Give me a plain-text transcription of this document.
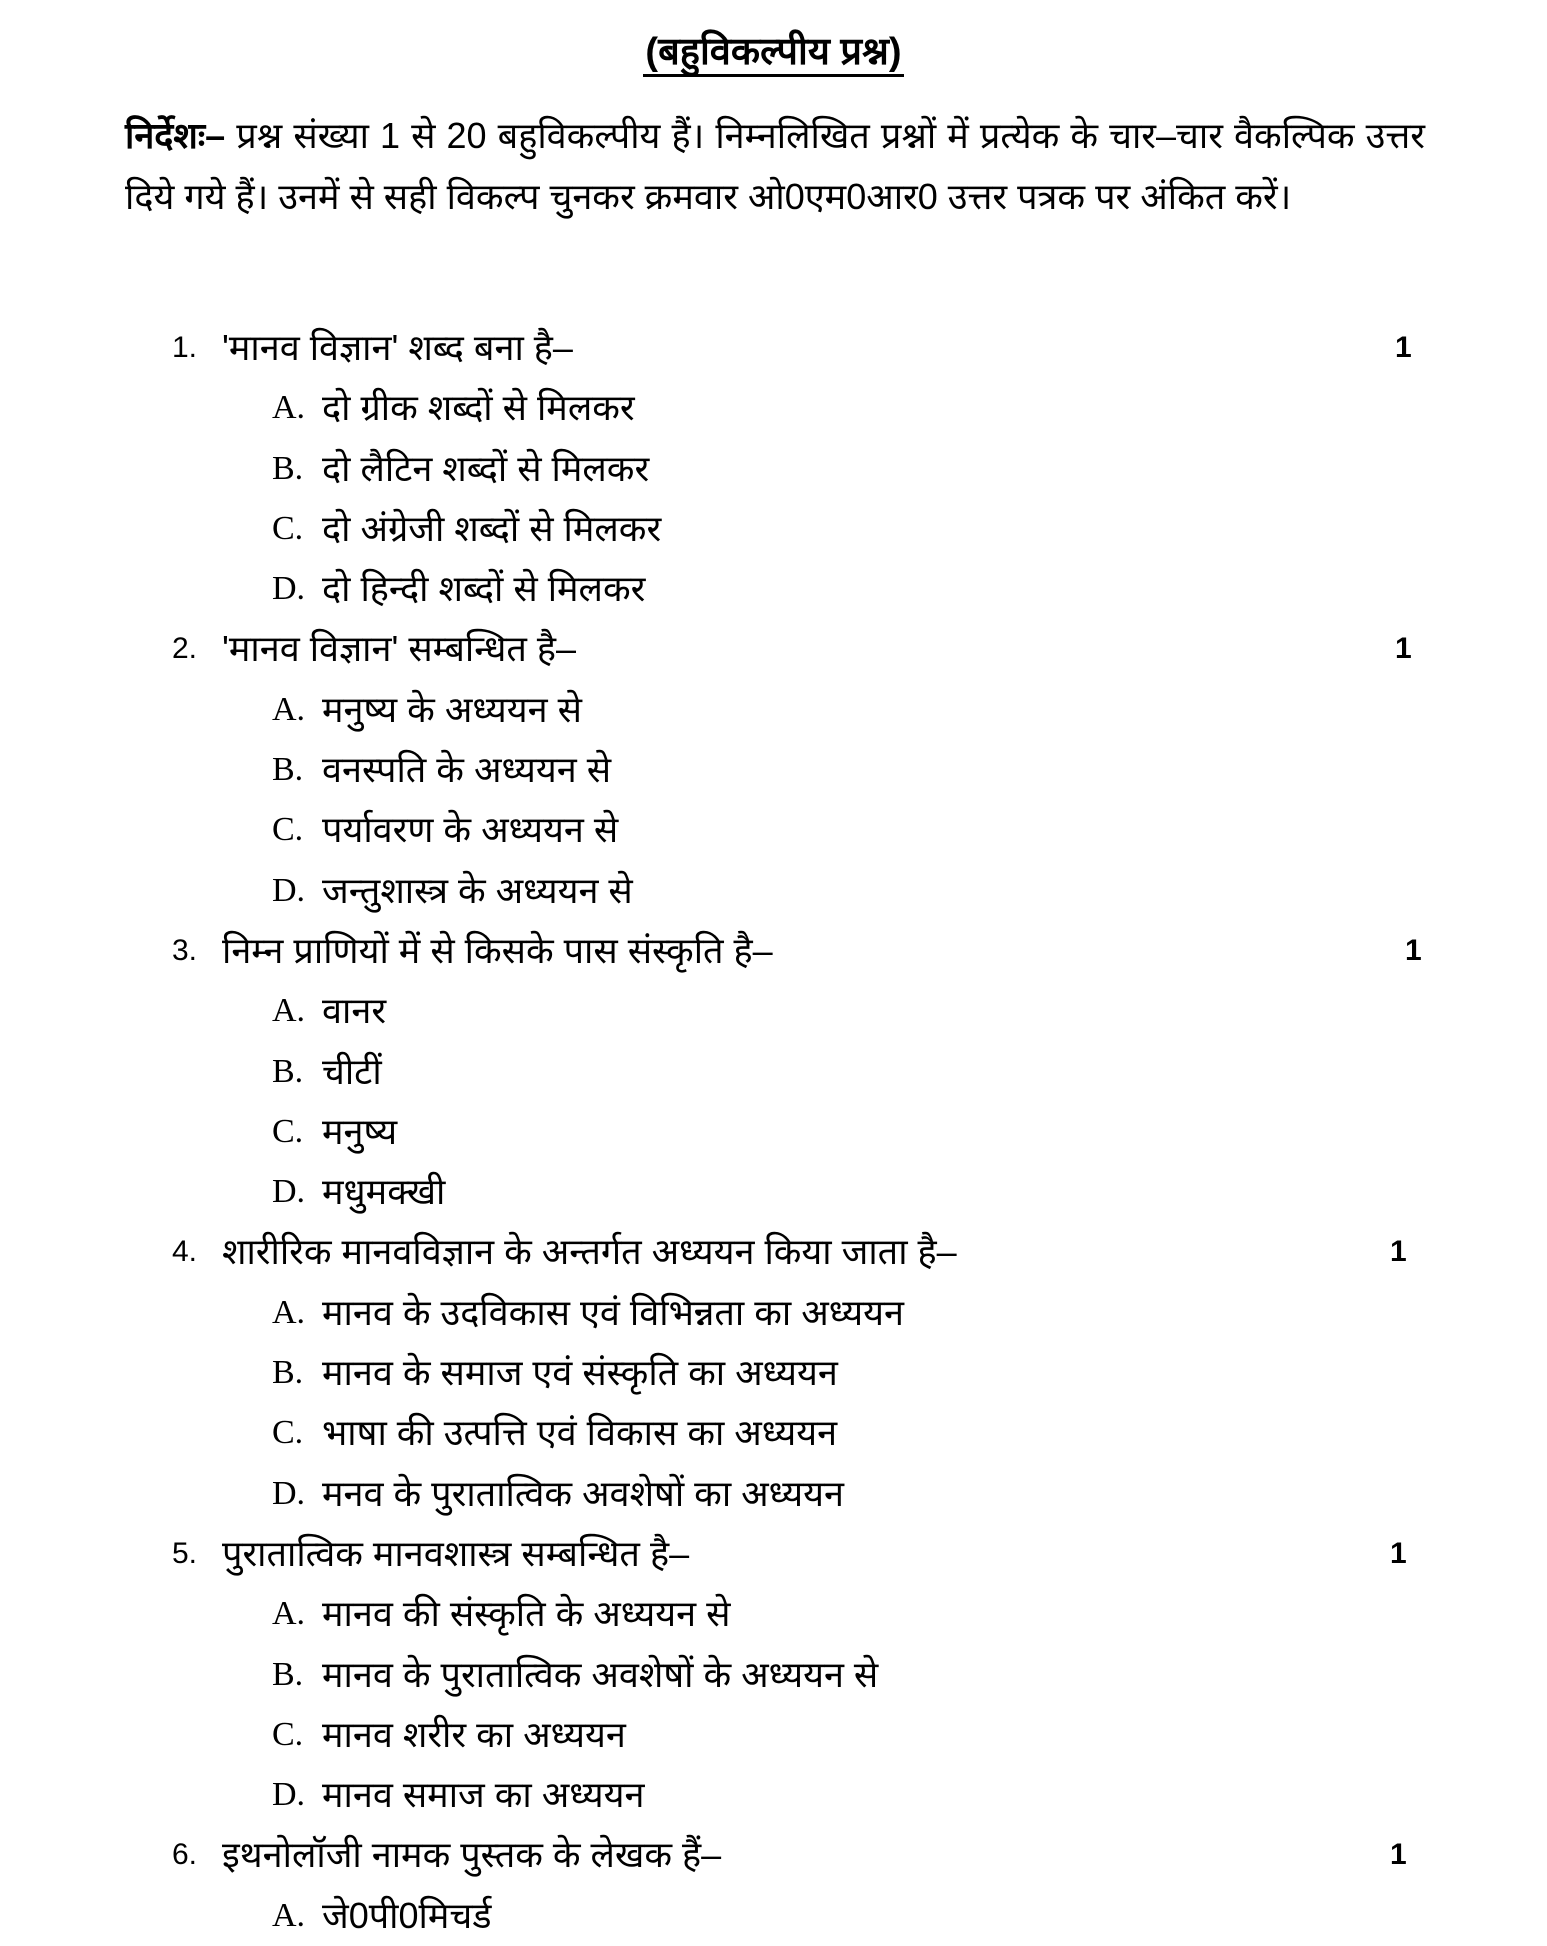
(बहुविकल्पीय प्रश्न)
निर्देशः– प्रश्न संख्या 1 से 20 बहुविकल्पीय हैं। निम्नलिखित प्रश्नों में प्रत्येक के चार–चार वैकल्पिक उत्तर दिये गये हैं। उनमें से सही विकल्प चुनकर क्रमवार ओ0एम0आर0 उत्तर पत्रक पर अंकित करें।
1. 'मानव विज्ञान' शब्द बना है–	1
A. दो ग्रीक शब्दों से मिलकर
B. दो लैटिन शब्दों से मिलकर
C. दो अंग्रेजी शब्दों से मिलकर
D. दो हिन्दी शब्दों से मिलकर
2. 'मानव विज्ञान' सम्बन्धित है–	1
A. मनुष्य के अध्ययन से
B. वनस्पति के अध्ययन से
C. पर्यावरण के अध्ययन से
D. जन्तुशास्त्र के अध्ययन से
3. निम्न प्राणियों में से किसके पास संस्कृति है–	1
A. वानर
B. चीटीं
C. मनुष्य
D. मधुमक्खी
4. शारीरिक मानवविज्ञान के अन्तर्गत अध्ययन किया जाता है–	1
A. मानव के उदविकास एवं विभिन्नता का अध्ययन
B. मानव के समाज एवं संस्कृति का अध्ययन
C. भाषा की उत्पत्ति एवं विकास का अध्ययन
D. मनव के पुरातात्विक अवशेषों का अध्ययन
5. पुरातात्विक मानवशास्त्र सम्बन्धित है–	1
A. मानव की संस्कृति के अध्ययन से
B. मानव के पुरातात्विक अवशेषों के अध्ययन से
C. मानव शरीर का अध्ययन
D. मानव समाज का अध्ययन
6. इथनोलॉजी नामक पुस्तक के लेखक हैं–	1
A. जे0पी0मिचर्ड
